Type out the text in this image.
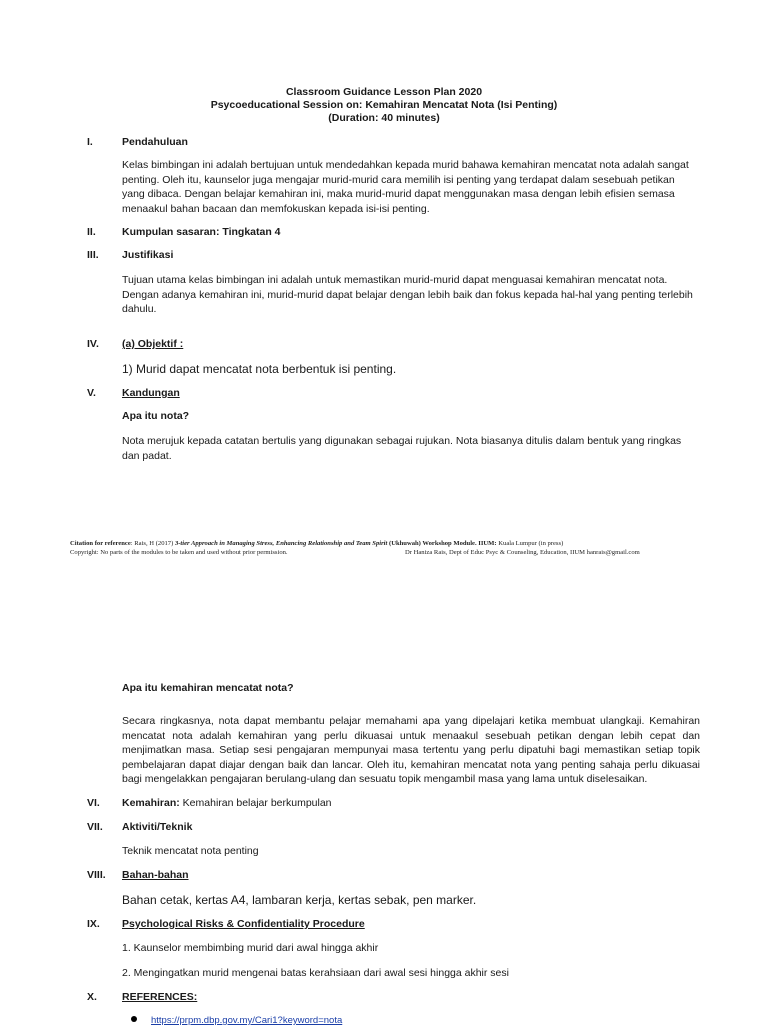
Classroom Guidance Lesson Plan 2020
Psycoeducational Session on: Kemahiran Mencatat Nota (Isi Penting)
(Duration: 40 minutes)
I.	Pendahuluan
Kelas bimbingan ini adalah bertujuan untuk mendedahkan kepada murid bahawa kemahiran mencatat nota adalah sangat penting. Oleh itu, kaunselor juga mengajar murid-murid cara memilih isi penting yang terdapat dalam sesebuah petikan yang dibaca. Dengan belajar kemahiran ini, maka murid-murid dapat menggunakan masa dengan lebih efisien semasa menaakul bahan bacaan dan memfokuskan kepada isi-isi penting.
II. Kumpulan sasaran: Tingkatan 4
III. Justifikasi
Tujuan utama kelas bimbingan ini adalah untuk memastikan murid-murid dapat menguasai kemahiran mencatat nota. Dengan adanya kemahiran ini, murid-murid dapat belajar dengan lebih baik dan fokus kepada hal-hal yang penting terlebih dahulu.
IV. (a) Objektif :
1) Murid dapat mencatat nota berbentuk isi penting.
V. Kandungan
Apa itu nota?
Nota merujuk kepada catatan bertulis yang digunakan sebagai rujukan. Nota biasanya ditulis dalam bentuk yang ringkas dan padat.
Citation for reference: Rais, H (2017) 3-tier Approach in Managing Stress, Enhancing Relationship and Team Spirit (Ukhuwah) Workshop Module. IIUM: Kuala Lumpur (in press)
Copyright: No parts of the modules to be taken and used without prior permission.	Dr Haniza Rais, Dept of Educ Psyc & Counseling, Education, IIUM hanrais@gmail.com
Apa itu kemahiran mencatat nota?
Secara ringkasnya, nota dapat membantu pelajar memahami apa yang dipelajari ketika membuat ulangkaji. Kemahiran mencatat nota adalah kemahiran yang perlu dikuasai untuk menaakul sesebuah petikan dengan lebih cepat dan menjimatkan masa. Setiap sesi pengajaran mempunyai masa tertentu yang perlu dipatuhi bagi memastikan setiap topik pembelajaran dapat diajar dengan baik dan lancar. Oleh itu, kemahiran mencatat nota yang penting sahaja perlu dikuasai bagi mengelakkan pengajaran berulang-ulang dan sesuatu topik mengambil masa yang lama untuk diselesaikan.
VI. Kemahiran: Kemahiran belajar berkumpulan
VII. Aktiviti/Teknik
Teknik mencatat nota penting
VIII. Bahan-bahan
Bahan cetak, kertas A4, lambaran kerja, kertas sebak, pen marker.
IX. Psychological Risks & Confidentiality Procedure
1. Kaunselor membimbing murid dari awal hingga akhir
2. Mengingatkan murid mengenai batas kerahsiaan dari awal sesi hingga akhir sesi
X. REFERENCES:
https://prpm.dbp.gov.my/Cari1?keyword=nota
